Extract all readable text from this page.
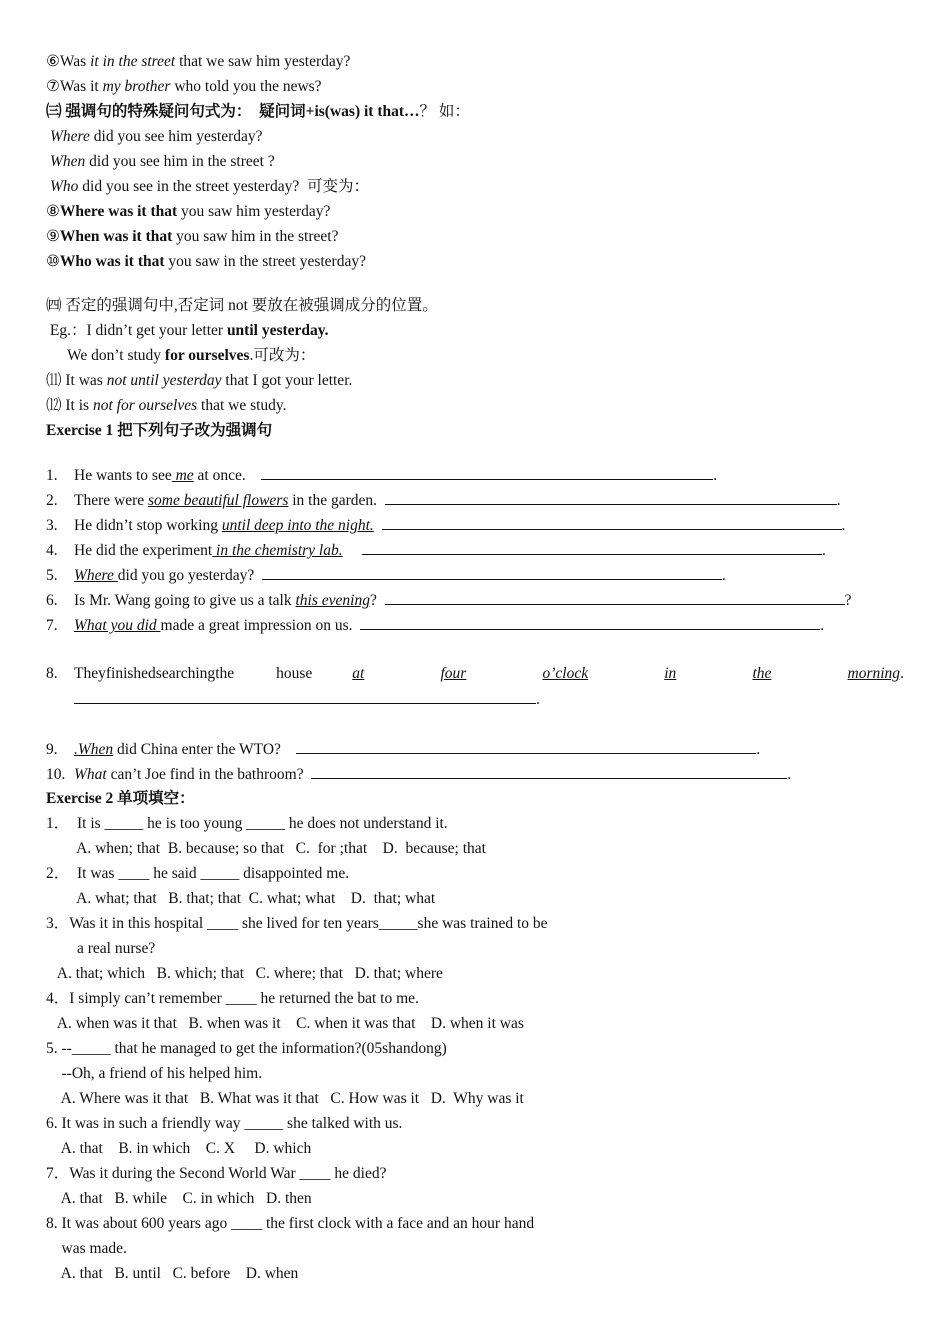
⑥Was it in the street that we saw him yesterday?
⑦Was it my brother who told you the news?
㈢ 强调句的特殊疑问句式为：  疑问词+is(was) it that…？ 如：
Where did you see him yesterday?
When did you see him in the street ?
Who did you see in the street yesterday?  可变为：
⑧Where was it that you saw him yesterday?
⑨When was it that you saw him in the street?
⑩Who was it that you saw in the street yesterday?
㈣ 否定的强调句中,否定词 not 要放在被强调成分的位置。
Eg.：I didn’t get your letter until yesterday.
We don’t study for ourselves.可改为：
⑾ It was not until yesterday that I got your letter.
⑿ It is not for ourselves that we study.
Exercise 1 把下列句子改为强调句
1. He wants to see me at once.	.
2. There were some beautiful flowers in the garden.	.
3. He didn’t stop working until deep into the night.	.
4. He did the experiment in the chemistry lab.	.
5. Where did you go yesterday?	.
6. Is Mr. Wang going to give us a talk this evening?	?
7. What you did made a great impression on us.	.
8.	They finished searching the	house	at	four	o’clock	in	the	morning .
.
9. .When did China enter the WTO?	.
10. What can’t Joe find in the bathroom?	.
Exercise 2 单项填空：
1．  It is _____ he is too young _____ he does not understand it.
A. when; that  B. because; so that   C.  for ;that    D.  because; that
2．  It was ____ he said _____ disappointed me.
A. what; that   B. that; that  C. what; what    D.  that; what
3．Was it in this hospital ____ she lived for ten years_____she was trained to be
a real nurse?
A. that; which   B. which; that   C. where; that   D. that; where
4．I simply can’t remember ____ he returned the bat to me.
A. when was it that   B. when was it    C. when it was that    D. when it was
5. --_____ that he managed to get the information?(05shandong)
--Oh, a friend of his helped him.
A. Where was it that   B. What was it that   C. How was it   D.  Why was it
6. It was in such a friendly way _____ she talked with us.
A. that    B. in which    C. X     D. which
7．Was it during the Second World War ____ he died?
A. that   B. while    C. in which   D. then
8. It was about 600 years ago ____ the first clock with a face and an hour hand
was made.
A. that   B. until   C. before    D. when
